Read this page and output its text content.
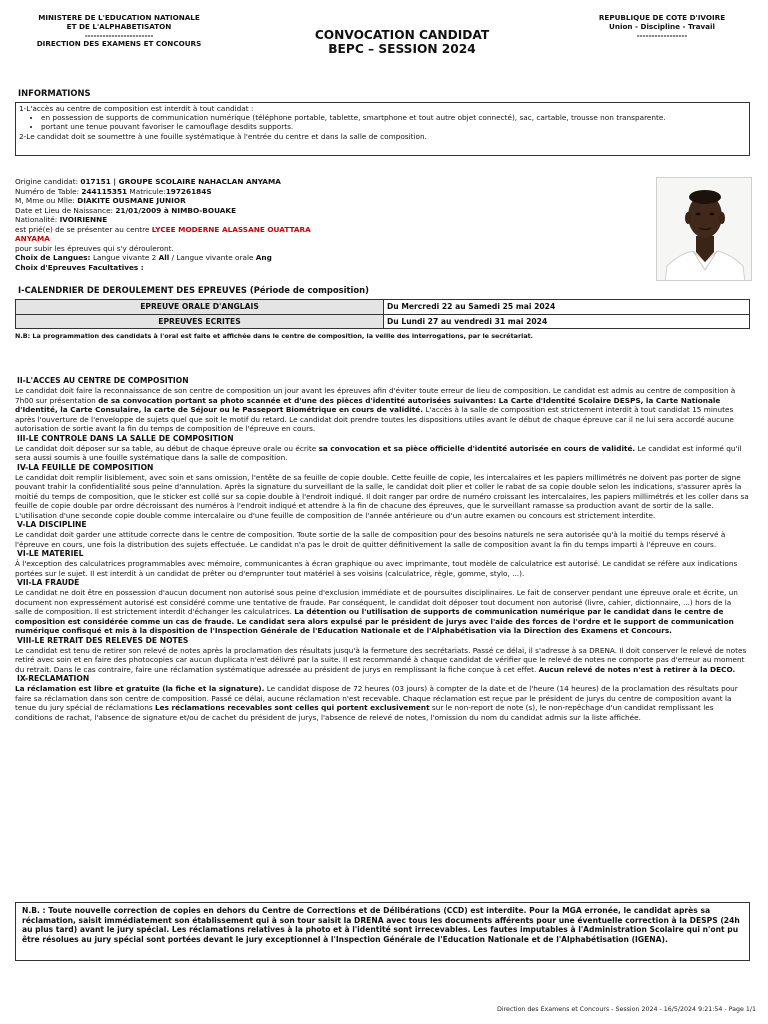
MINISTERE DE L'EDUCATION NATIONALE
ET DE L'ALPHABETISATON
-----------------------
DIRECTION DES EXAMENS ET CONCOURS
CONVOCATION CANDIDAT
BEPC – SESSION 2024
REPUBLIQUE DE COTE D'IVOIRE
Union - Discipline - Travail
-----------------
INFORMATIONS
1-L'accès au centre de composition est interdit à tout candidat :
• en possession de supports de communication numérique (téléphone portable, tablette, smartphone et tout autre objet connecté), sac, cartable, trousse non transparente.
• portant une tenue pouvant favoriser le camouflage desdits supports.
2-Le candidat doit se soumettre à une fouille systématique à l'entrée du centre et dans la salle de composition.
Origine candidat: 017151 | GROUPE SCOLAIRE NAHACLAN ANYAMA
Numéro de Table: 244115351 Matricule:19726184S
M, Mme ou Mlle: DIAKITE OUSMANE JUNIOR
Date et Lieu de Naissance: 21/01/2009 à NIMBO-BOUAKE
Nationalité: IVOIRIENNE
est prié(e) de se présenter au centre LYCEE MODERNE ALASSANE OUATTARA
ANYAMA
pour subir les épreuves qui s'y dérouleront.
Choix de Langues: Langue vivante 2 All / Langue vivante orale Ang
Choix d'Epreuves Facultatives :
I-CALENDRIER DE DEROULEMENT DES EPREUVES (Période de composition)
EPREUVE ORALE D'ANGLAIS	Du Mercredi 22 au Samedi 25 mai 2024
EPREUVES ECRITES	Du Lundi 27 au vendredi 31 mai 2024
N.B: La programmation des candidats à l'oral est faite et affichée dans le centre de composition, la veille des interrogations, par le secrétariat.
II-L'ACCES AU CENTRE DE COMPOSITION

Le candidat doit faire la reconnaissance de son centre de composition un jour avant les épreuves afin d'éviter toute erreur de lieu de composition. Le candidat est admis au centre de composition à 7h00 sur présentation de sa convocation portant sa photo scannée et d'une des pièces d'identité autorisées suivantes: La Carte d'Identité Scolaire DESPS, la Carte Nationale d'Identité, la Carte Consulaire, la carte de Séjour ou le Passeport Biométrique en cours de validité. L'accès à la salle de composition est strictement interdit à tout candidat 15 minutes après l'ouverture de l'enveloppe de sujets quel que soit le motif du retard. Le candidat doit prendre toutes les dispositions utiles avant le début de chaque épreuve car il ne lui sera accordé aucune autorisation de sortie avant la fin du temps de composition de l'épreuve en cours.

III-LE CONTROLE DANS LA SALLE DE COMPOSITION

Le candidat doit déposer sur sa table, au début de chaque épreuve orale ou écrite sa convocation et sa pièce officielle d'identité autorisée en cours de validité. Le candidat est informé qu'il sera aussi soumis à une fouille systématique dans la salle de composition.

IV-LA FEUILLE DE COMPOSITION

Le candidat doit remplir lisiblement, avec soin et sans omission, l'entête de sa feuille de copie double. Cette feuille de copie, les intercalaires et les papiers millimétrés ne doivent pas porter de signe pouvant trahir la confidentialité sous peine d'annulation. Après la signature du surveillant de la salle, le candidat doit plier et coller le rabat de sa copie double selon les indications, s'assurer après la moitié du temps de composition, que le sticker est collé sur sa copie double à l'endroit indiqué. Il doit ranger par ordre de numéro croissant les intercalaires, les papiers millimétrés et les coller dans sa feuille de copie double par ordre décroissant des numéros à l'endroit indiqué et attendre à la fin de chacune des épreuves, que le surveillant ramasse sa production avant de sortir de la salle. L'utilisation d'une seconde copie double comme intercalaire ou d'une feuille de composition de l'année antérieure ou d'un autre examen ou concours est strictement interdite.

V-LA DISCIPLINE

Le candidat doit garder une attitude correcte dans le centre de composition. Toute sortie de la salle de composition pour des besoins naturels ne sera autorisée qu'à la moitié du temps réservé à l'épreuve en cours, une fois la distribution des sujets effectuée. Le candidat n'a pas le droit de quitter définitivement la salle de composition avant la fin du temps imparti à l'épreuve en cours.

VI-LE MATERIEL

À l'exception des calculatrices programmables avec mémoire, communicantes à écran graphique ou avec imprimante, tout modèle de calculatrice est autorisé. Le candidat se réfère aux indications portées sur le sujet. Il est interdit à un candidat de prêter ou d'emprunter tout matériel à ses voisins (calculatrice, règle, gomme, stylo, ...).

VII-LA FRAUDE

Le candidat ne doit être en possession d'aucun document non autorisé sous peine d'exclusion immédiate et de poursuites disciplinaires. Le fait de conserver pendant une épreuve orale et écrite, un document non expressément autorisé est considéré comme une tentative de fraude. Par conséquent, le candidat doit déposer tout document non autorisé (livre, cahier, dictionnaire, ...) hors de la salle de composition. Il est strictement interdit d'échanger les calculatrices. La détention ou l'utilisation de supports de communication numérique par le candidat dans le centre de composition est considérée comme un cas de fraude. Le candidat sera alors expulsé par le président de jurys avec l'aide des forces de l'ordre et le support de communication numérique confisqué et mis à la disposition de l'Inspection Générale de l'Education Nationale et de l'Alphabétisation via la Direction des Examens et Concours.

VIII-LE RETRAIT DES RELEVES DE NOTES

Le candidat est tenu de retirer son relevé de notes après la proclamation des résultats jusqu'à la fermeture des secrétariats. Passé ce délai, il s'adresse à sa DRENA. Il doit conserver le relevé de notes retiré avec soin et en faire des photocopies car aucun duplicata n'est délivré par la suite. Il est recommandé à chaque candidat de vérifier que le relevé de notes ne comporte pas d'erreur au moment du retrait. Dans le cas contraire, faire une réclamation systématique adressée au président de jurys en remplissant la fiche conçue à cet effet. Aucun relevé de notes n'est à retirer à la DECO.

IX-RECLAMATION

La réclamation est libre et gratuite (la fiche et la signature). Le candidat dispose de 72 heures (03 jours) à compter de la date et de l'heure (14 heures) de la proclamation des résultats pour faire sa réclamation dans son centre de composition. Passé ce délai, aucune réclamation n'est recevable. Chaque réclamation est reçue par le président de jurys du centre de composition avant la tenue du jury spécial de réclamations Les réclamations recevables sont celles qui portent exclusivement sur le non-report de note (s), le non-repêchage d'un candidat remplissant les conditions de rachat, l'absence de signature et/ou de cachet du président de jurys, l'absence de relevé de notes, l'omission du nom du candidat admis sur la liste affichée.

N.B. : Toute nouvelle correction de copies en dehors du Centre de Corrections et de Délibérations (CCD) est interdite. Pour la MGA erronée, le candidat après sa réclamation, saisit immédiatement son établissement qui à son tour saisit la DRENA avec tous les documents afférents pour une éventuelle correction à la DESPS (24h au plus tard) avant le jury spécial. Les réclamations relatives à la photo et à l'identité sont irrecevables. Les fautes imputables à l'Administration Scolaire qui n'ont pu être résolues au jury spécial sont portées devant le jury exceptionnel à l'Inspection Générale de l'Education Nationale et de l'Alphabétisation (IGENA).
Direction des Examens et Concours - Session 2024 - 16/5/2024 9:21:54 - Page 1/1
